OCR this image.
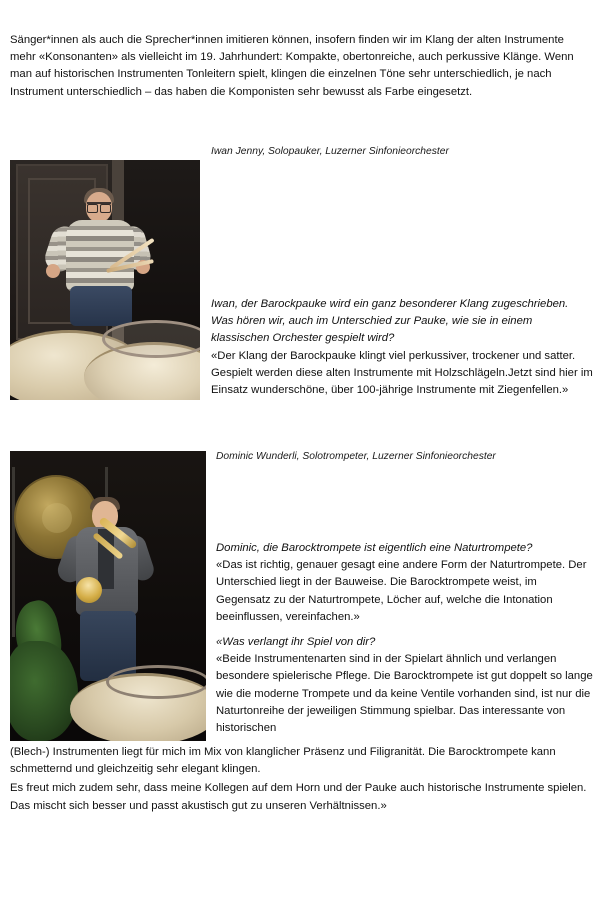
Sänger*innen als auch die Sprecher*innen imitieren können, insofern finden wir im Klang der alten Instrumente mehr «Konsonanten» als vielleicht im 19. Jahrhundert: Kompakte, obertonreiche, auch perkussive Klänge. Wenn man auf historischen Instrumenten Tonleitern spielt, klingen die einzelnen Töne sehr unterschiedlich, je nach Instrument unterschiedlich – das haben die Komponisten sehr bewusst als Farbe eingesetzt.
Iwan Jenny, Solopauker, Luzerner Sinfonieorchester
Iwan, der Barockpauke wird ein ganz besonderer Klang zugeschrieben. Was hören wir, auch im Unterschied zur Pauke, wie sie in einem klassischen Orchester gespielt wird?
«Der Klang der Barockpauke klingt viel perkussiver, trockener und satter. Gespielt werden diese alten Instrumente mit Holzschlägeln.Jetzt sind hier im Einsatz wunderschöne, über 100-jährige Instrumente mit Ziegenfellen.»
Dominic Wunderli, Solotrompeter, Luzerner Sinfonieorchester
Dominic, die Barocktrompete ist eigentlich eine Naturtrompete?
«Das ist richtig, genauer gesagt eine andere Form der Naturtrompete. Der Unterschied liegt in der Bauweise. Die Barocktrompete weist, im Gegensatz zu der Naturtrompete, Löcher auf, welche die Intonation beeinflussen, vereinfachen.»
«Was verlangt ihr Spiel von dir?
«Beide Instrumentenarten sind in der Spielart ähnlich und verlangen besondere spielerische Pflege. Die Barocktrompete ist gut doppelt so lange wie die moderne Trompete und da keine Ventile vorhanden sind, ist nur die Naturtonreihe der jeweiligen Stimmung spielbar. Das interessante von historischen

(Blech-) Instrumenten liegt für mich im Mix von klanglicher Präsenz und Filigranität. Die Barocktrompete kann schmetternd und gleichzeitig sehr elegant klingen.

Es freut mich zudem sehr, dass meine Kollegen auf dem Horn und der Pauke auch historische Instrumente spielen. Das mischt sich besser und passt akustisch gut zu unseren Verhältnissen.»
